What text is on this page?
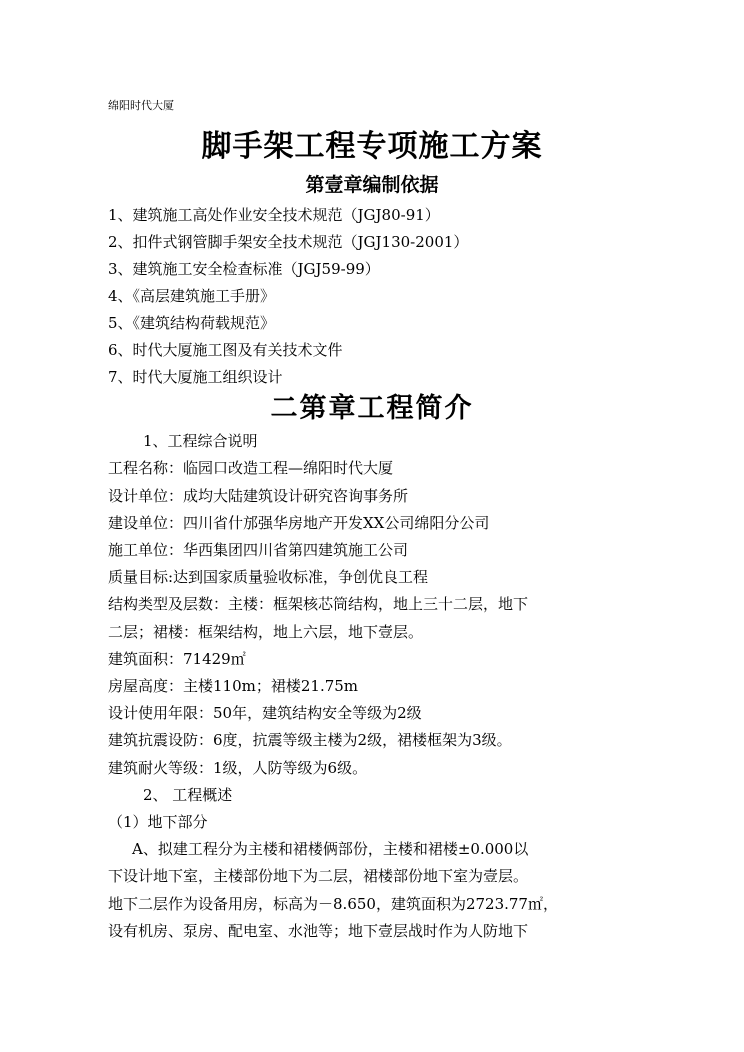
绵阳时代大厦
脚手架工程专项施工方案
第壹章编制依据
1、建筑施工高处作业安全技术规范（JGJ80-91）
2、扣件式钢管脚手架安全技术规范（JGJ130-2001）
3、建筑施工安全检查标准（JGJ59-99）
4、《高层建筑施工手册》
5、《建筑结构荷载规范》
6、时代大厦施工图及有关技术文件
7、时代大厦施工组织设计
二第章工程简介
1、工程综合说明
工程名称：临园口改造工程—绵阳时代大厦
设计单位：成均大陆建筑设计研究咨询事务所
建设单位：四川省什邡强华房地产开发XX公司绵阳分公司
施工单位：华西集团四川省第四建筑施工公司
质量目标:达到国家质量验收标准，争创优良工程
结构类型及层数：主楼：框架核芯筒结构，地上三十二层，地下
二层；裙楼：框架结构，地上六层，地下壹层。
建筑面积：71429㎡
房屋高度：主楼110m；裙楼21.75m
设计使用年限：50年，建筑结构安全等级为2级
建筑抗震设防：6度，抗震等级主楼为2级，裙楼框架为3级。
建筑耐火等级：1级，人防等级为6级。
2、 工程概述
（1）地下部分
A、拟建工程分为主楼和裙楼俩部份，主楼和裙楼±0.000以
下设计地下室，主楼部份地下为二层，裙楼部份地下室为壹层。
地下二层作为设备用房，标高为－8.650，建筑面积为2723.77㎡，
设有机房、泵房、配电室、水池等；地下壹层战时作为人防地下
